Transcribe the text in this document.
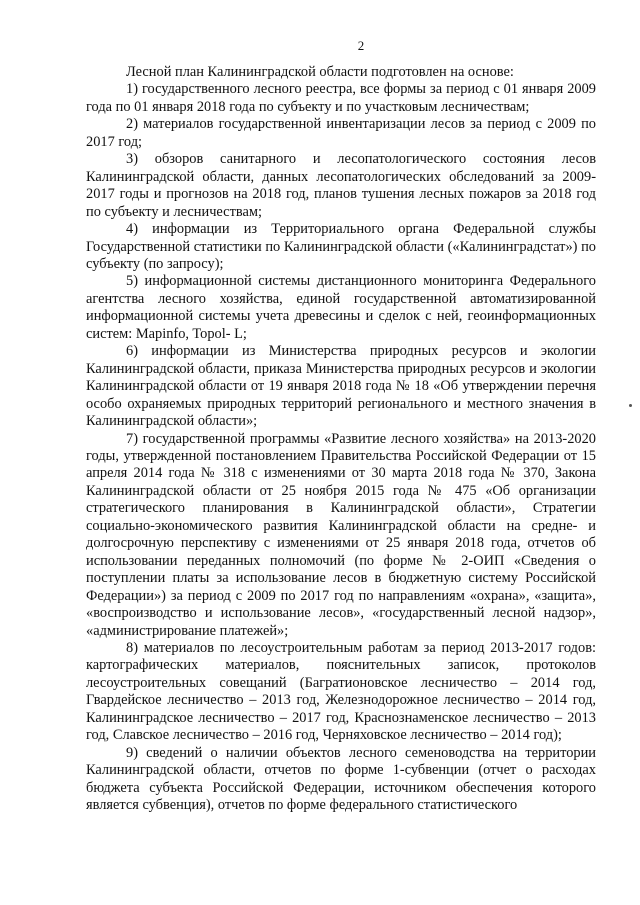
2

Лесной план Калининградской области подготовлен на основе:

1) государственного лесного реестра, все формы за период с 01 января 2009 года по 01 января 2018 года по субъекту и по участковым лесничествам;

2) материалов государственной инвентаризации лесов за период с 2009 по 2017 год;

3) обзоров санитарного и лесопатологического состояния лесов Калининградской области, данных лесопатологических обследований за 2009-2017 годы и прогнозов на 2018 год, планов тушения лесных пожаров за 2018 год по субъекту и лесничествам;

4) информации из Территориального органа Федеральной службы Государственной статистики по Калининградской области («Калининградстат») по субъекту (по запросу);

5) информационной системы дистанционного мониторинга Федерального агентства лесного хозяйства, единой государственной автоматизированной информационной системы учета древесины и сделок с ней, геоинформационных систем: Mapinfo, Topol- L;

6) информации из Министерства природных ресурсов и экологии Калининградской области, приказа Министерства природных ресурсов и экологии Калининградской области от 19 января 2018 года № 18 «Об утверждении перечня особо охраняемых природных территорий регионального и местного значения в Калининградской области»;

7) государственной программы «Развитие лесного хозяйства» на 2013-2020 годы, утвержденной постановлением Правительства Российской Федерации от 15 апреля 2014 года № 318 с изменениями от 30 марта 2018 года № 370, Закона Калининградской области от 25 ноября 2015 года № 475 «Об организации стратегического планирования в Калининградской области», Стратегии социально-экономического развития Калининградской области на средне- и долгосрочную перспективу с изменениями от 25 января 2018 года, отчетов об использовании переданных полномочий (по форме № 2-ОИП «Сведения о поступлении платы за использование лесов в бюджетную систему Российской Федерации») за период с 2009 по 2017 год по направлениям «охрана», «защита», «воспроизводство и использование лесов», «государственный лесной надзор», «администрирование платежей»;

8) материалов по лесоустроительным работам за период 2013-2017 годов: картографических материалов, пояснительных записок, протоколов лесоустроительных совещаний (Багратионовское лесничество – 2014 год, Гвардейское лесничество – 2013 год, Железнодорожное лесничество – 2014 год, Калининградское лесничество – 2017 год, Краснознаменское лесничество – 2013 год, Славское лесничество – 2016 год, Черняховское лесничество – 2014 год);

9) сведений о наличии объектов лесного семеноводства на территории Калининградской области, отчетов по форме 1-субвенции (отчет о расходах бюджета субъекта Российской Федерации, источником обеспечения которого является субвенция), отчетов по форме федерального статистического
